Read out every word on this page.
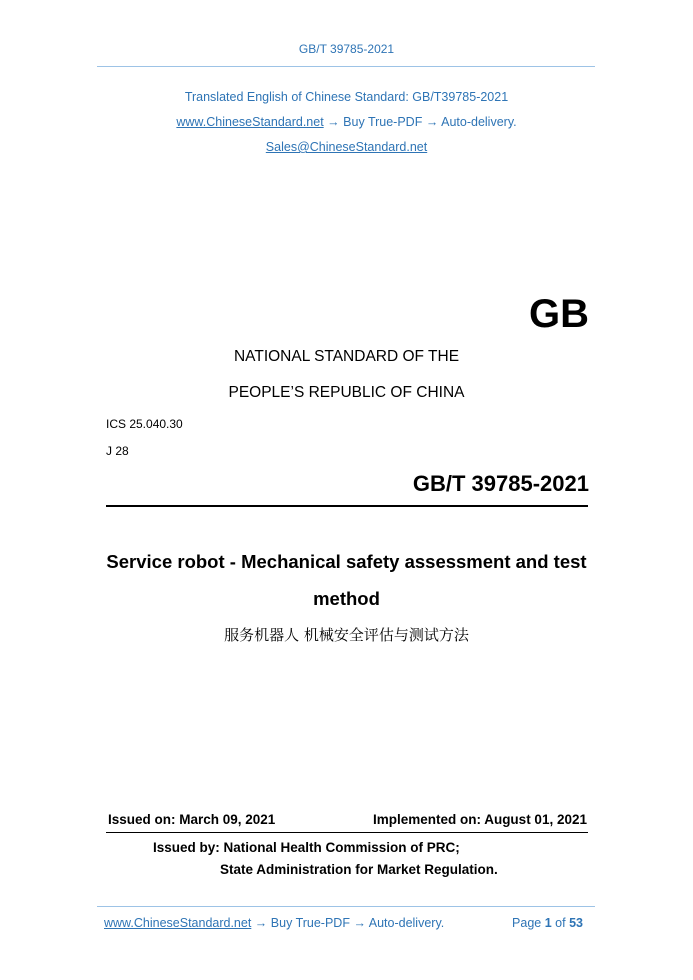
GB/T 39785-2021
Translated English of Chinese Standard: GB/T39785-2021
www.ChineseStandard.net → Buy True-PDF → Auto-delivery.
Sales@ChineseStandard.net
GB
NATIONAL STANDARD OF THE
PEOPLE’S REPUBLIC OF CHINA
ICS 25.040.30
J 28
GB/T 39785-2021
Service robot - Mechanical safety assessment and test
method
服务机器人 机械安全评估与测试方法
Issued on: March 09, 2021	Implemented on: August 01, 2021
Issued by: National Health Commission of PRC;
State Administration for Market Regulation.
www.ChineseStandard.net → Buy True-PDF → Auto-delivery.	Page 1 of 53
